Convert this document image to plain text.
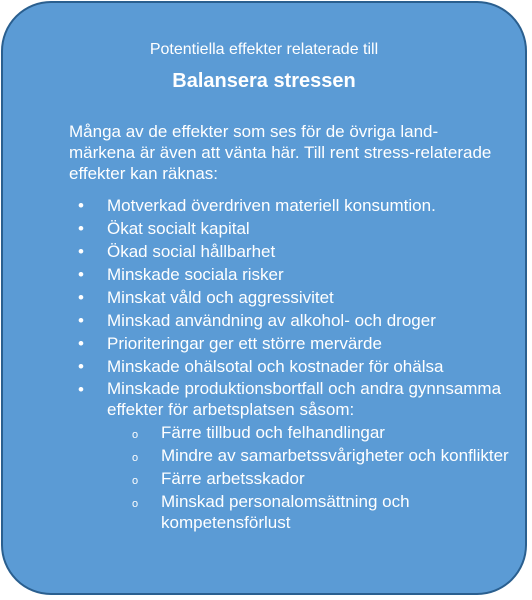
Potentiella effekter relaterade till
Balansera stressen
Många av de effekter som ses för de övriga land-märkena är även att vänta här. Till rent stress-relaterade effekter kan räknas:
• Motverkad överdriven materiell konsumtion.
• Ökat socialt kapital
• Ökad social hållbarhet
• Minskade sociala risker
• Minskat våld och aggressivitet
• Minskad användning av alkohol- och droger
• Prioriteringar ger ett större mervärde
• Minskade ohälsotal och kostnader för ohälsa
• Minskade produktionsbortfall och andra gynnsamma effekter för arbetsplatsen såsom:
o Färre tillbud och felhandlingar
o Mindre av samarbetssvårigheter och konflikter
o Färre arbetsskador
o Minskad personalomsättning och kompetensförlust
